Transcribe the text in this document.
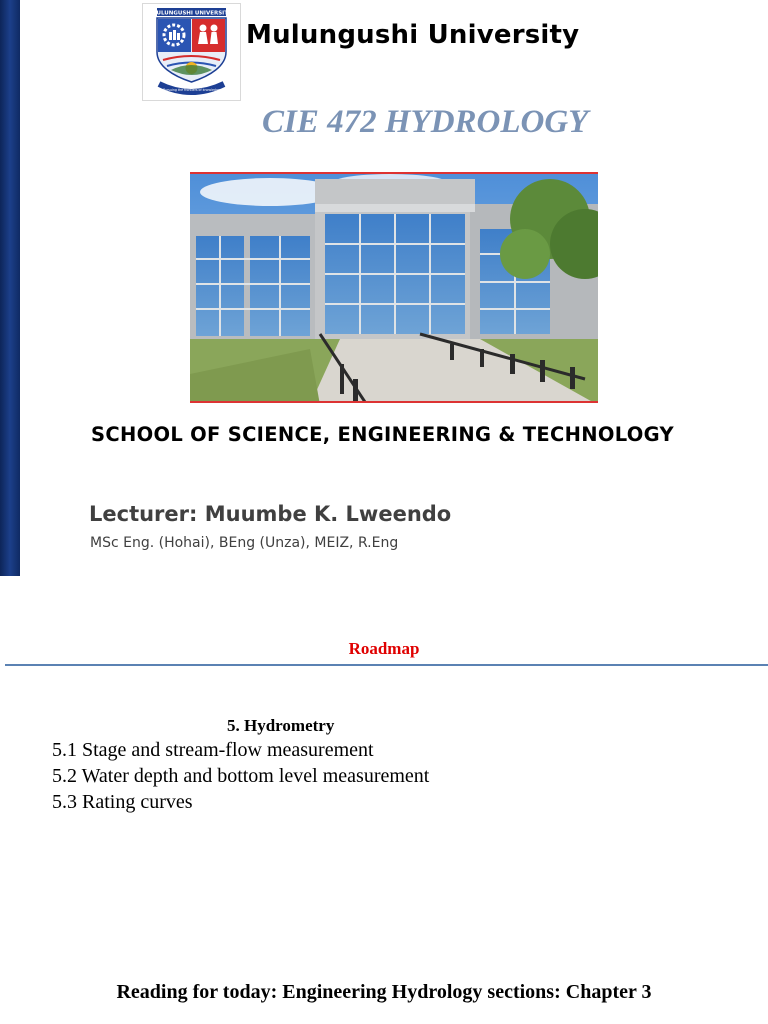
MULUNGUSHI UNIVERSITY
Pursuing the frontiers of knowledge
Mulungushi University
CIE 472 HYDROLOGY
SCHOOL OF SCIENCE, ENGINEERING & TECHNOLOGY
Lecturer: Muumbe K. Lweendo
MSc Eng. (Hohai), BEng (Unza), MEIZ, R.Eng
Roadmap
5. Hydrometry
5.1 Stage and stream-flow measurement
5.2 Water depth and bottom level measurement
5.3 Rating curves
Reading for today: Engineering Hydrology sections: Chapter 3
